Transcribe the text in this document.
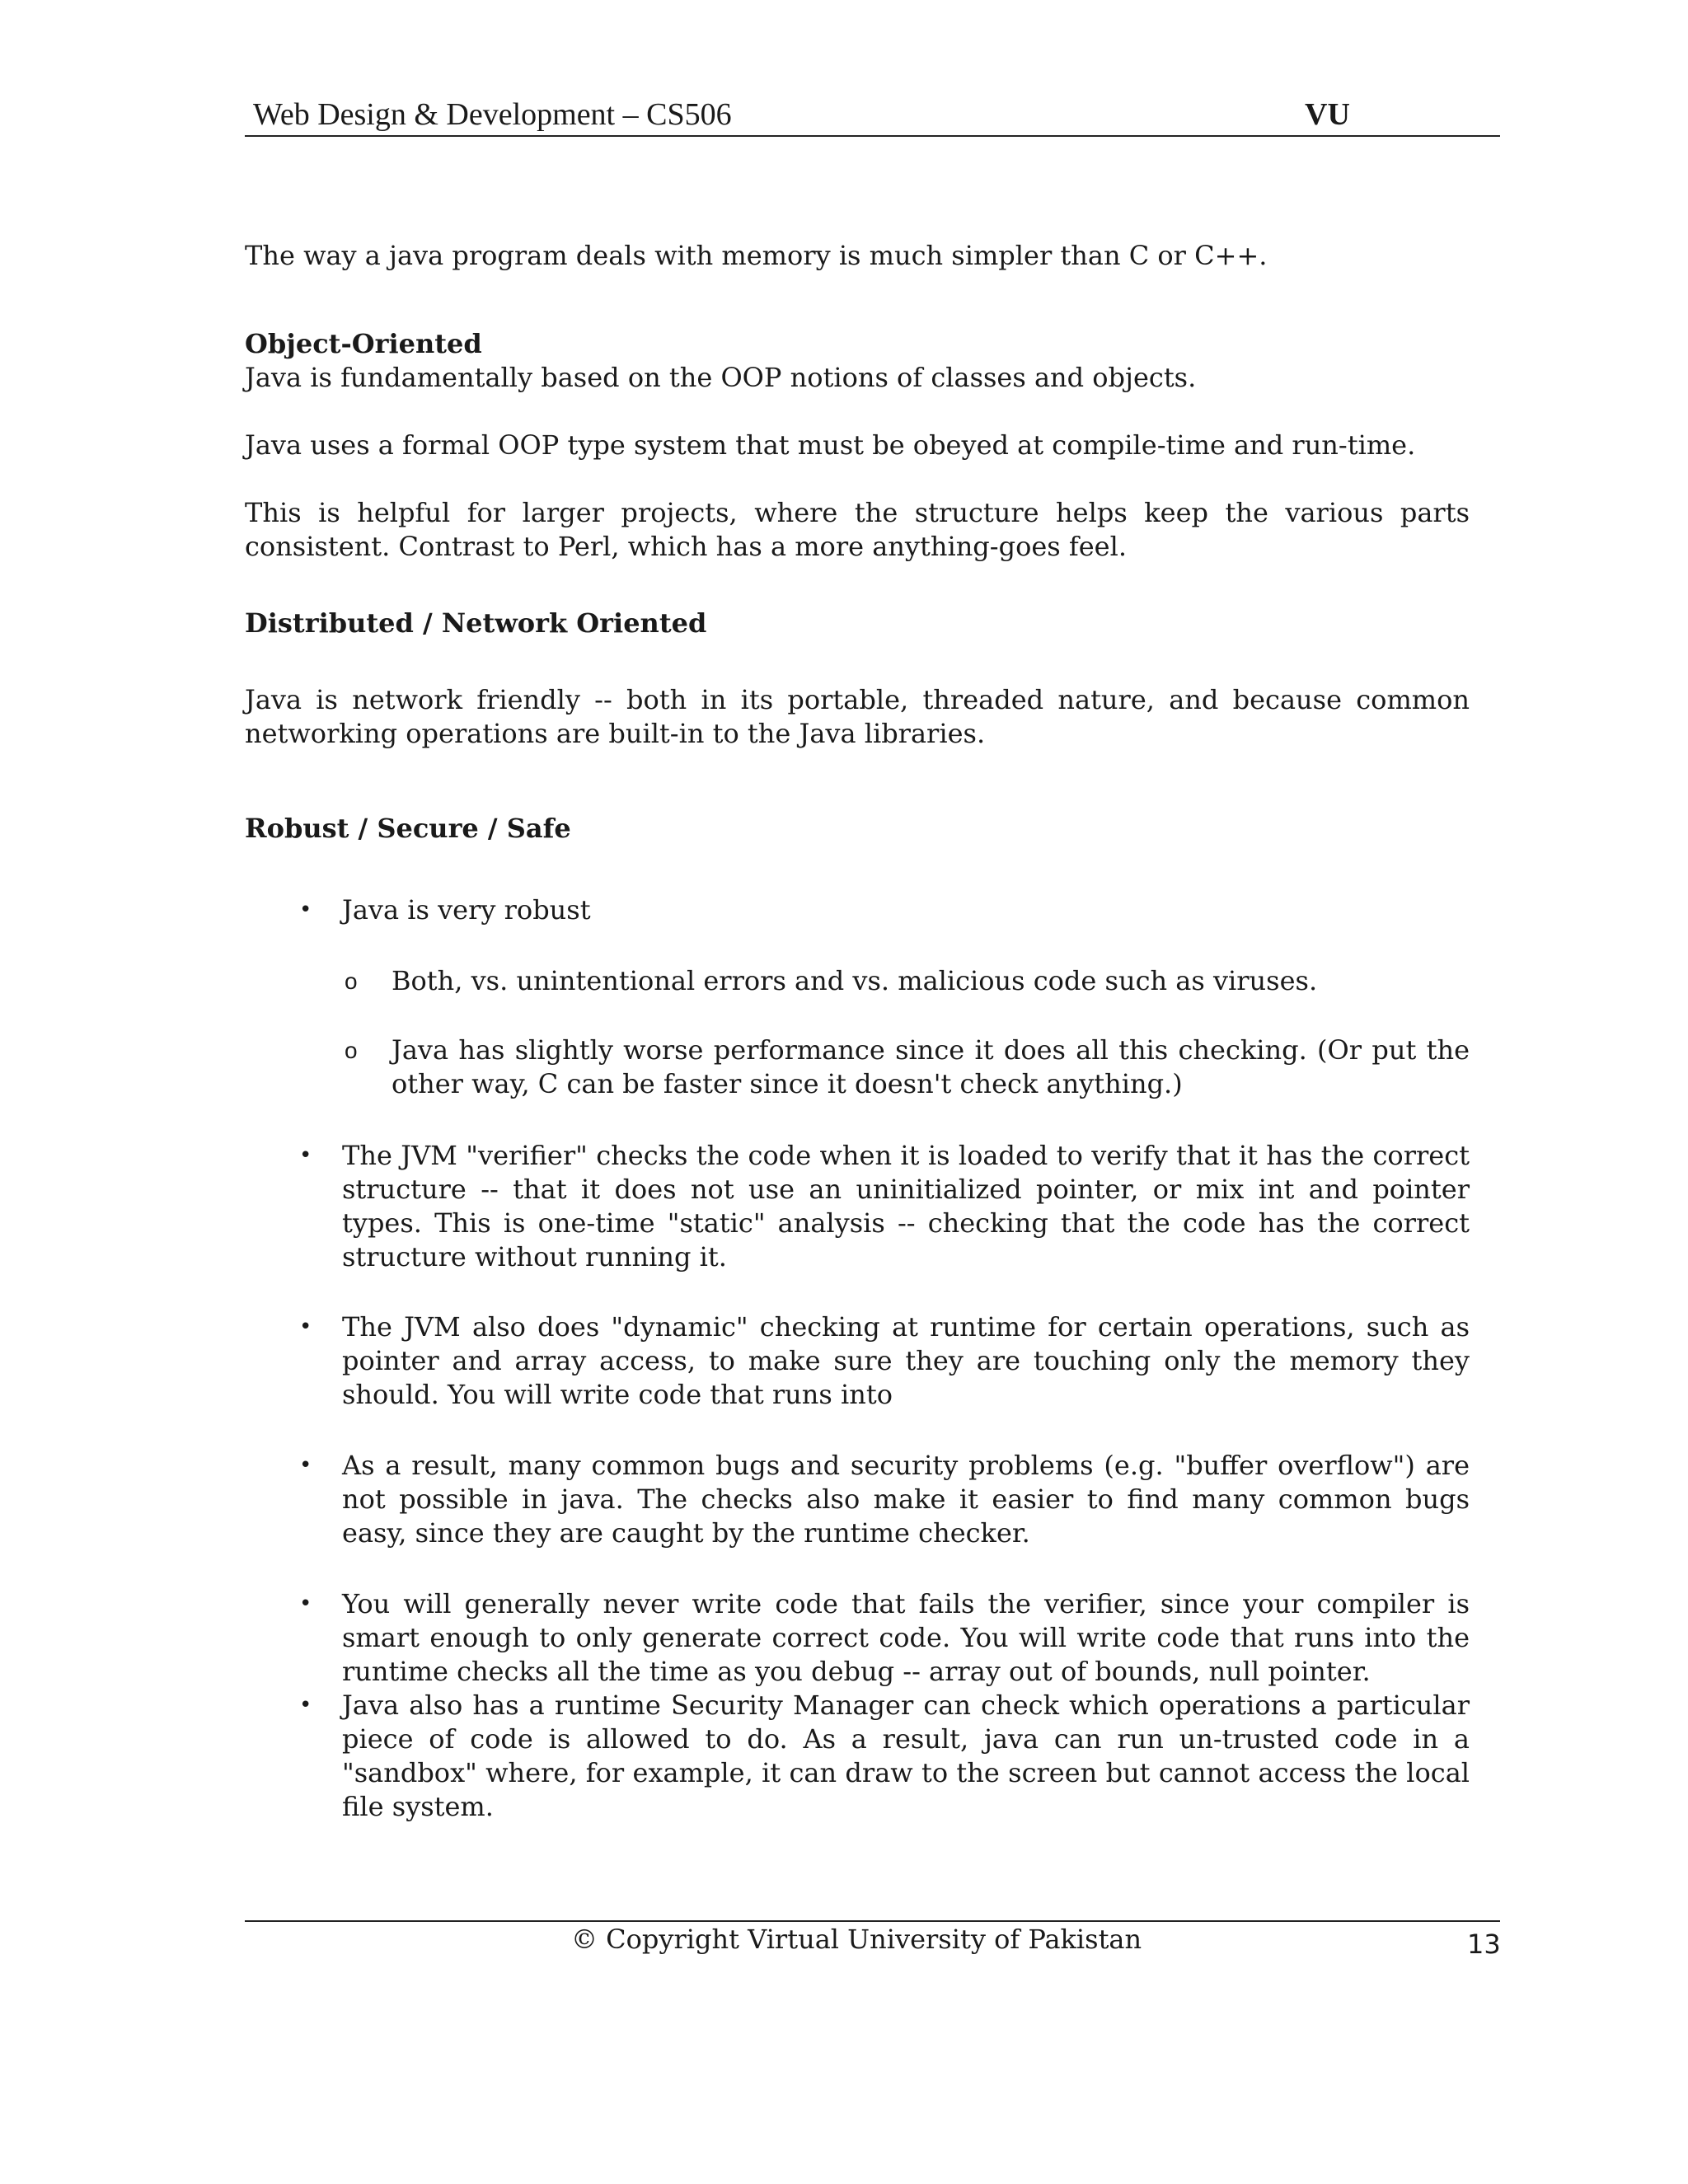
Web Design & Development – CS506	VU

The way a java program deals with memory is much simpler than C or C++.

Object-Oriented

Java is fundamentally based on the OOP notions of classes and objects.

Java uses a formal OOP type system that must be obeyed at compile-time and run-time.

This is helpful for larger projects, where the structure helps keep the various parts consistent. Contrast to Perl, which has a more anything-goes feel.

Distributed / Network Oriented

Java is network friendly -- both in its portable, threaded nature, and because common networking operations are built-in to the Java libraries.

Robust / Secure / Safe
• Java is very robust
o Both, vs. unintentional errors and vs. malicious code such as viruses.
o Java has slightly worse performance since it does all this checking. (Or put the other way, C can be faster since it doesn't check anything.)
• The JVM "verifier" checks the code when it is loaded to verify that it has the correct structure -- that it does not use an uninitialized pointer, or mix int and pointer types. This is one-time "static" analysis -- checking that the code has the correct structure without running it.
• The JVM also does "dynamic" checking at runtime for certain operations, such as pointer and array access, to make sure they are touching only the memory they should. You will write code that runs into
• As a result, many common bugs and security problems (e.g. "buffer overflow") are not possible in java. The checks also make it easier to find many common bugs easy, since they are caught by the runtime checker.
• You will generally never write code that fails the verifier, since your compiler is smart enough to only generate correct code. You will write code that runs into the runtime checks all the time as you debug -- array out of bounds, null pointer.
• Java also has a runtime Security Manager can check which operations a particular piece of code is allowed to do. As a result, java can run un-trusted code in a "sandbox" where, for example, it can draw to the screen but cannot access the local file system.
© Copyright Virtual University of Pakistan	13
